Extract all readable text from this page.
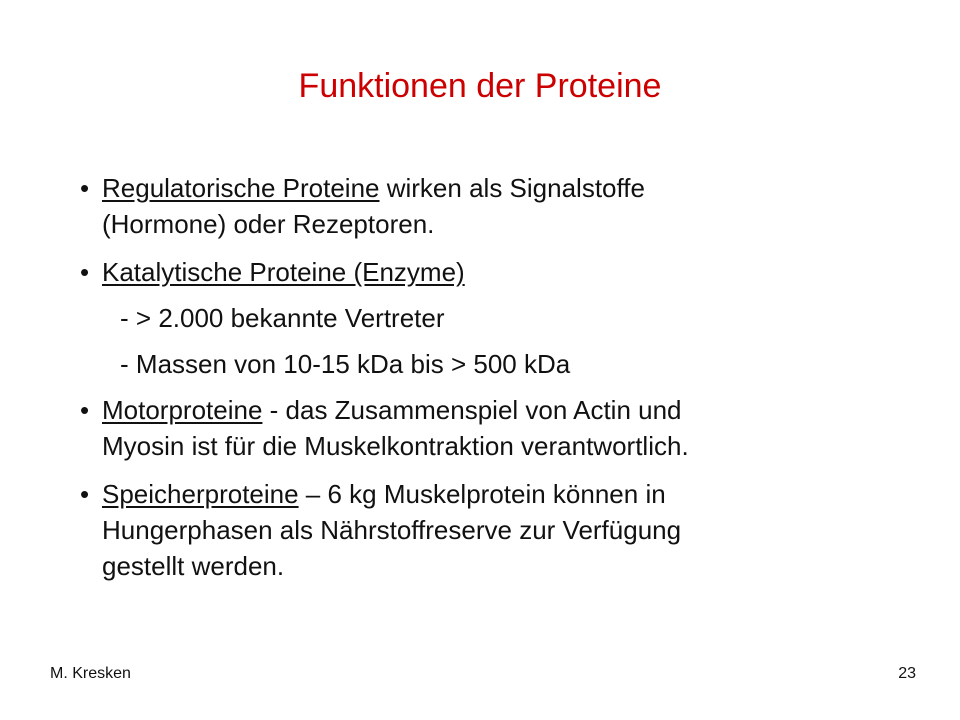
Funktionen der Proteine
• Regulatorische Proteine wirken als Signalstoffe
(Hormone) oder Rezeptoren.
• Katalytische Proteine (Enzyme)
- > 2.000 bekannte Vertreter
- Massen von 10-15 kDa bis > 500 kDa
• Motorproteine - das Zusammenspiel von Actin und
Myosin ist für die Muskelkontraktion verantwortlich.
• Speicherproteine – 6 kg Muskelprotein können in
Hungerphasen als Nährstoffreserve zur Verfügung
gestellt werden.
M. Kresken	23
